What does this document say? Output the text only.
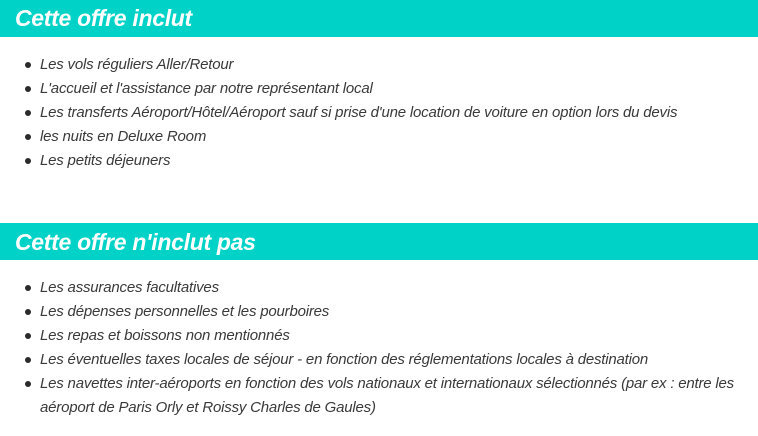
Cette offre inclut
Les vols réguliers Aller/Retour
L'accueil et l'assistance par notre représentant local
Les transferts Aéroport/Hôtel/Aéroport sauf si prise d'une location de voiture en option lors du devis
les nuits en Deluxe Room
Les petits déjeuners
Cette offre n'inclut pas
Les assurances facultatives
Les dépenses personnelles et les pourboires
Les repas et boissons non mentionnés
Les éventuelles taxes locales de séjour - en fonction des réglementations locales à destination
Les navettes inter-aéroports en fonction des vols nationaux et internationaux sélectionnés (par ex : entre les aéroport de Paris Orly et Roissy Charles de Gaules)
